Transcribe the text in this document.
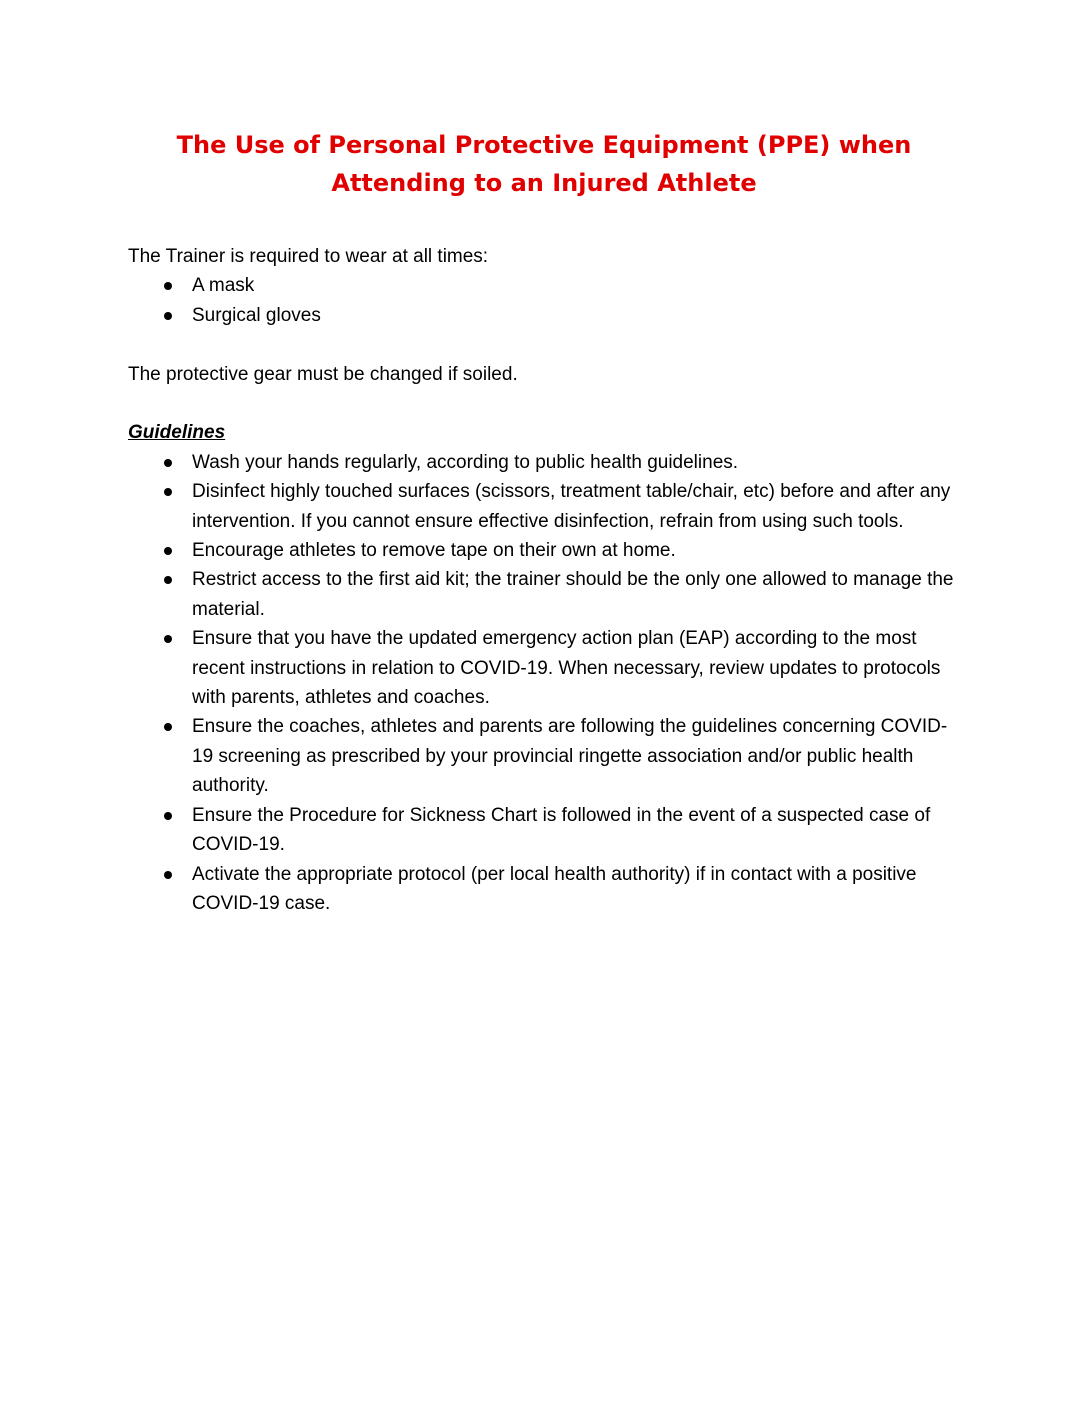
The Use of Personal Protective Equipment (PPE) when
Attending to an Injured Athlete

The Trainer is required to wear at all times:

A mask
Surgical gloves

The protective gear must be changed if soiled.

Guidelines

Wash your hands regularly, according to public health guidelines.
Disinfect highly touched surfaces (scissors, treatment table/chair, etc) before and after any intervention. If you cannot ensure effective disinfection, refrain from using such tools.
Encourage athletes to remove tape on their own at home.
Restrict access to the first aid kit; the trainer should be the only one allowed to manage the material.
Ensure that you have the updated emergency action plan (EAP) according to the most recent instructions in relation to COVID-19. When necessary, review updates to protocols with parents, athletes and coaches.
Ensure the coaches, athletes and parents are following the guidelines concerning COVID-19 screening as prescribed by your provincial ringette association and/or public health authority.
Ensure the Procedure for Sickness Chart is followed in the event of a suspected case of COVID-19.
Activate the appropriate protocol (per local health authority) if in contact with a positive COVID-19 case.
